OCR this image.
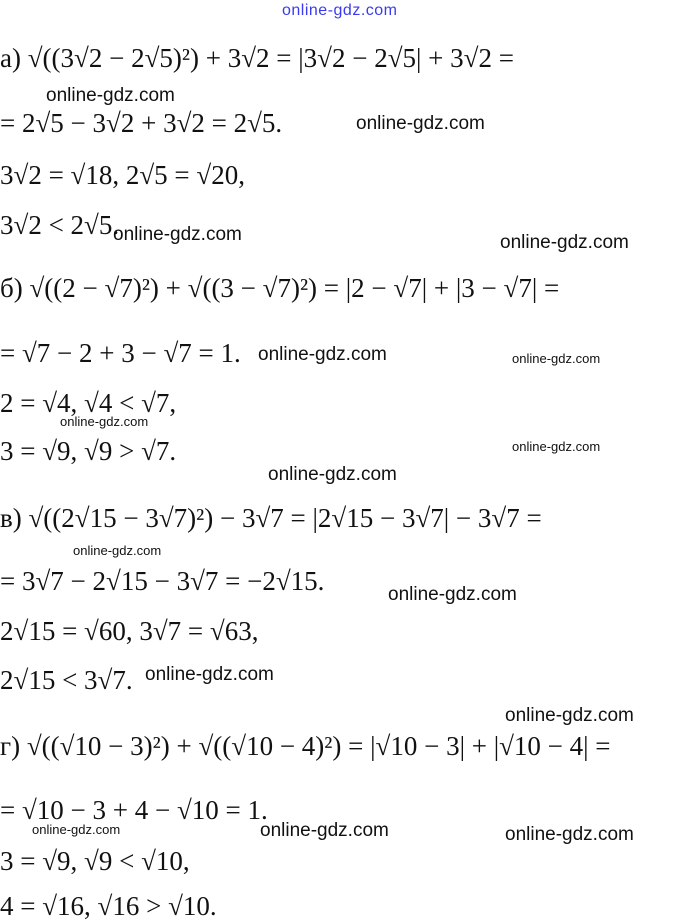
online-gdz.com
а) √((3√2 − 2√5)²) + 3√2 = |3√2 − 2√5| + 3√2 =
= 2√5 − 3√2 + 3√2 = 2√5.
3√2 = √18, 2√5 = √20,
3√2 < 2√5.
б) √((2 − √7)²) + √((3 − √7)²) = |2 − √7| + |3 − √7| =
= √7 − 2 + 3 − √7 = 1.
2 = √4, √4 < √7,
3 = √9, √9 > √7.
в) √((2√15 − 3√7)²) − 3√7 = |2√15 − 3√7| − 3√7 =
= 3√7 − 2√15 − 3√7 = −2√15.
2√15 = √60, 3√7 = √63,
2√15 < 3√7.
г) √((√10 − 3)²) + √((√10 − 4)²) = |√10 − 3| + |√10 − 4| =
= √10 − 3 + 4 − √10 = 1.
3 = √9, √9 < √10,
4 = √16, √16 > √10.
online-gdz.com
online-gdz.com
online-gdz.com	online-gdz.com
online-gdz.com	online-gdz.com
online-gdz.com
online-gdz.com
online-gdz.com
online-gdz.com
online-gdz.com
online-gdz.com
online-gdz.com
online-gdz.com
online-gdz.com	online-gdz.com
